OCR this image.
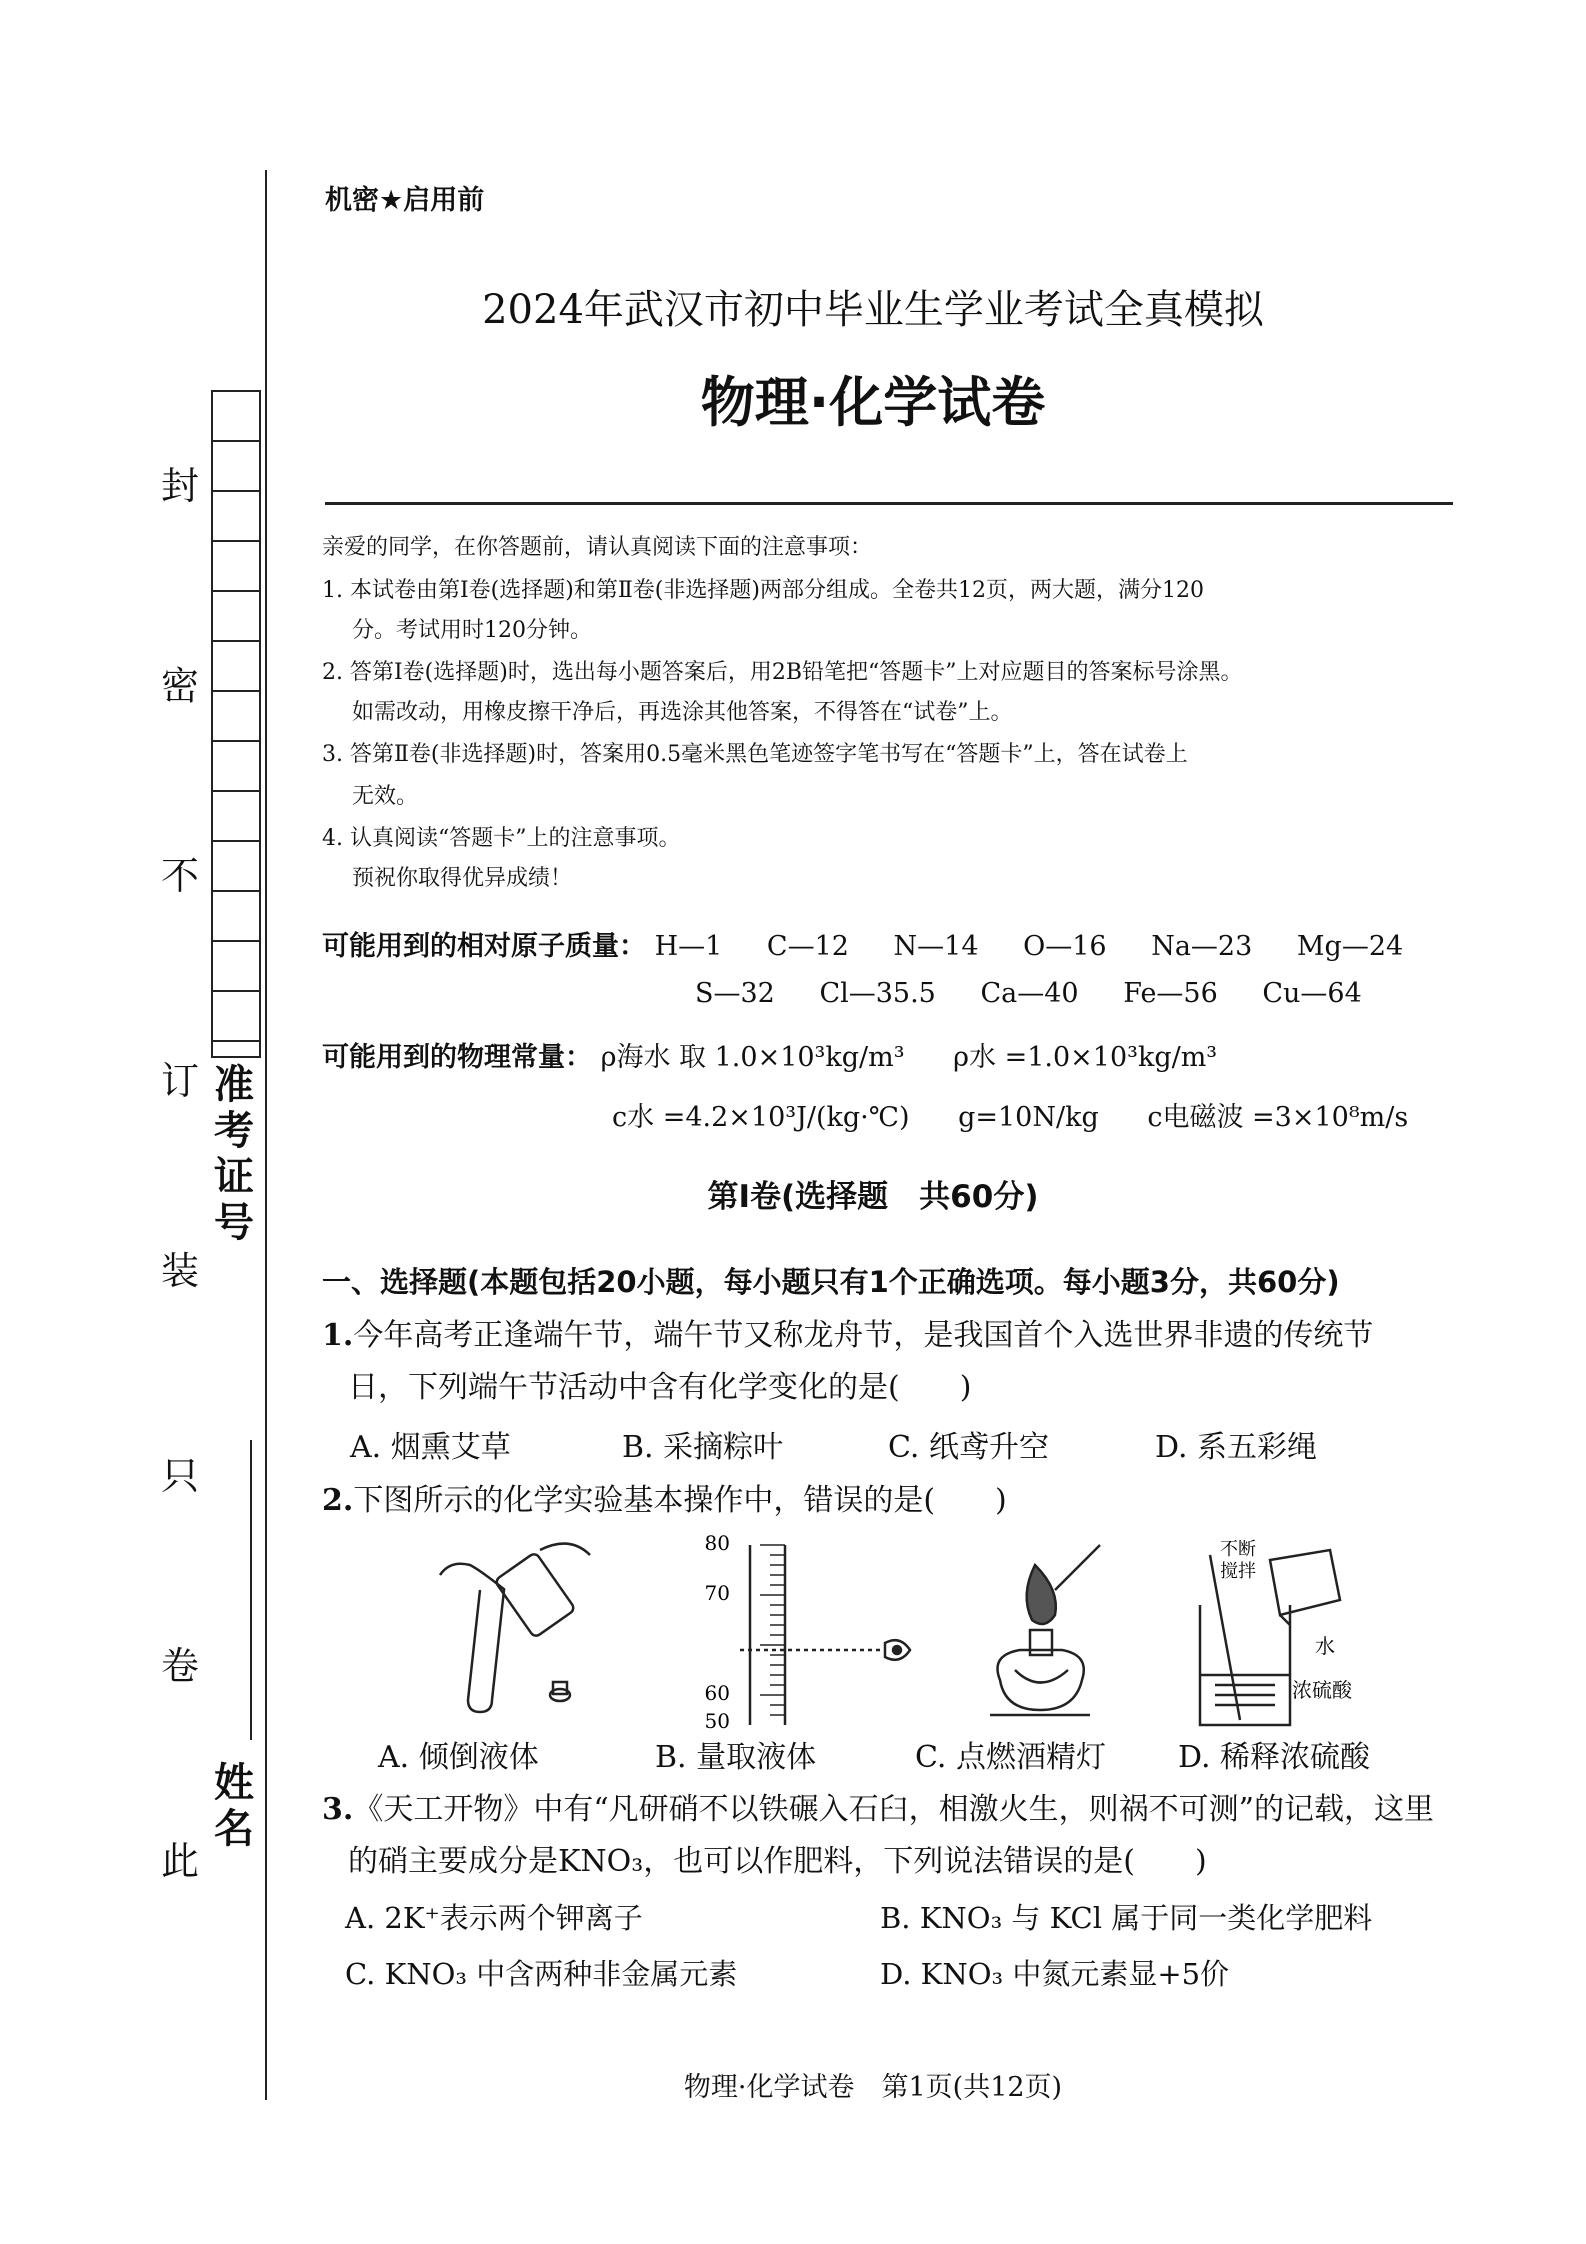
封
密
不
订
装
只
卷
此
准
考
证
号
姓
名
机密★启用前
2024年武汉市初中毕业生学业考试全真模拟
物理·化学试卷
亲爱的同学，在你答题前，请认真阅读下面的注意事项：
1. 本试卷由第Ⅰ卷(选择题)和第Ⅱ卷(非选择题)两部分组成。全卷共12页，两大题，满分120
分。考试用时120分钟。
2. 答第Ⅰ卷(选择题)时，选出每小题答案后，用2B铅笔把“答题卡”上对应题目的答案标号涂黑。
如需改动，用橡皮擦干净后，再选涂其他答案，不得答在“试卷”上。
3. 答第Ⅱ卷(非选择题)时，答案用0.5毫米黑色笔迹签字笔书写在“答题卡”上，答在试卷上
无效。
4. 认真阅读“答题卡”上的注意事项。
预祝你取得优异成绩！
可能用到的相对原子质量： H—1 C—12 N—14 O—16 Na—23 Mg—24
S—32 Cl—35.5 Ca—40 Fe—56 Cu—64
可能用到的物理常量： ρ海水 取 1.0×10³kg/m³ ρ水 =1.0×10³kg/m³
c水 =4.2×10³J/(kg·℃) g=10N/kg c电磁波 =3×10⁸m/s
第Ⅰ卷(选择题　共60分)
一、选择题(本题包括20小题，每小题只有1个正确选项。每小题3分，共60分)
1.今年高考正逢端午节，端午节又称龙舟节，是我国首个入选世界非遗的传统节
日，下列端午节活动中含有化学变化的是(　　)
A. 烟熏艾草	B. 采摘粽叶	C. 纸鸢升空	D. 系五彩绳
2.下图所示的化学实验基本操作中，错误的是(　　)
80
70
60
50
不断
搅拌
水
浓硫酸
A. 倾倒液体	B. 量取液体	C. 点燃酒精灯 D. 稀释浓硫酸
3.《天工开物》中有“凡研硝不以铁碾入石臼，相激火生，则祸不可测”的记载，这里
的硝主要成分是KNO₃，也可以作肥料，下列说法错误的是(　　)
A. 2K⁺表示两个钾离子	B. KNO₃ 与 KCl 属于同一类化学肥料
C. KNO₃ 中含两种非金属元素	D. KNO₃ 中氮元素显+5价
物理·化学试卷　第1页(共12页)
